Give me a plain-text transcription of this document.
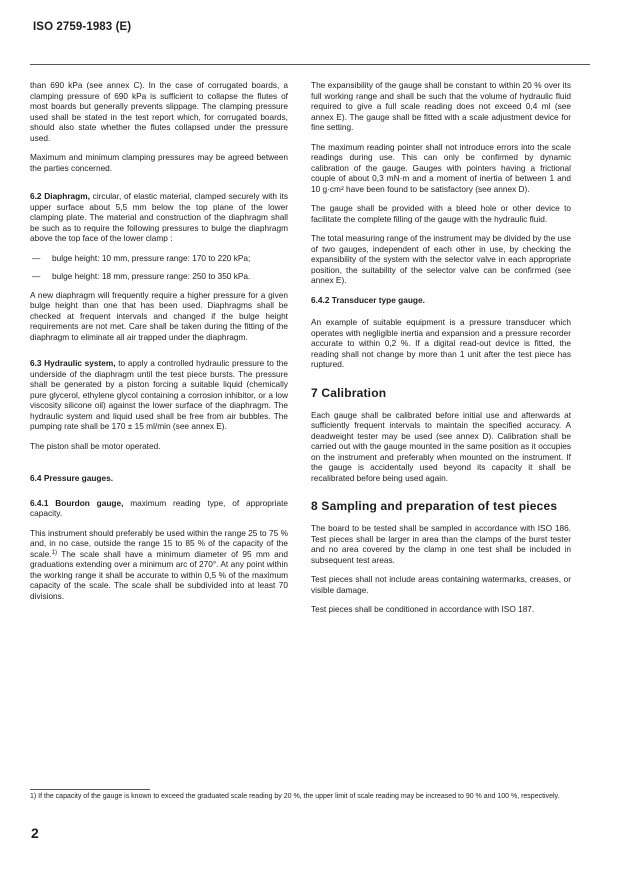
ISO 2759-1983 (E)

than 690 kPa (see annex C). In the case of corrugated boards, a clamping pressure of 690 kPa is sufficient to collapse the flutes of most boards but generally prevents slippage. The clamping pressure used shall be stated in the test report which, for corrugated boards, should also state whether the flutes collapsed under the pressure used.

Maximum and minimum clamping pressures may be agreed between the parties concerned.

6.2 Diaphragm, circular, of elastic material, clamped securely with its upper surface about 5,5 mm below the top plane of the lower clamping plate. The material and construction of the diaphragm shall be such as to require the following pressures to bulge the diaphragm above the top face of the lower clamp :

—	bulge height: 10 mm, pressure range: 170 to 220 kPa;
—	bulge height: 18 mm, pressure range: 250 to 350 kPa.

A new diaphragm will frequently require a higher pressure for a given bulge height than one that has been used. Diaphragms shall be checked at frequent intervals and changed if the bulge height requirements are not met. Care shall be taken during the fitting of the diaphragm to eliminate all air trapped under the diaphragm.

6.3 Hydraulic system, to apply a controlled hydraulic pressure to the underside of the diaphragm until the test piece bursts. The pressure shall be generated by a piston forcing a suitable liquid (chemically pure glycerol, ethylene glycol containing a corrosion inhibitor, or a low viscosity silicone oil) against the lower surface of the diaphragm. The hydraulic system and liquid used shall be free from air bubbles. The pumping rate shall be 170 ± 15 ml/min (see annex E).

The piston shall be motor operated.

6.4 Pressure gauges.

6.4.1 Bourdon gauge, maximum reading type, of appropriate capacity.

This instrument should preferably be used within the range 25 to 75 % and, in no case, outside the range 15 to 85 % of the capacity of the scale.$^{1)}$ The scale shall have a minimum diameter of 95 mm and graduations extending over a minimum arc of 270°. At any point within the working range it shall be accurate to within 0,5 % of the maximum capacity of the scale. The scale shall be subdivided into at least 70 divisions.

The expansibility of the gauge shall be constant to within 20 % over its full working range and shall be such that the volume of hydraulic fluid required to give a full scale reading does not exceed 0,4 ml (see annex E). The gauge shall be fitted with a scale adjustment device for fine setting.

The maximum reading pointer shall not introduce errors into the scale readings during use. This can only be confirmed by dynamic calibration of the gauge. Gauges with pointers having a frictional couple of about 0,3 mN·m and a moment of inertia of between 1 and 10 g·cm² have been found to be satisfactory (see annex D).

The gauge shall be provided with a bleed hole or other device to facilitate the complete filling of the gauge with the hydraulic fluid.

The total measuring range of the instrument may be divided by the use of two gauges, independent of each other in use, by checking the expansibility of the system with the selector valve in each appropriate position, the suitability of the selector valve can be confirmed (see annex E).

6.4.2 Transducer type gauge.

An example of suitable equipment is a pressure transducer which operates with negligible inertia and expansion and a pressure recorder accurate to within 0,2 %. If a digital read-out device is fitted, the reading shall not change by more than 1 unit after the test piece has ruptured.

7 Calibration

Each gauge shall be calibrated before initial use and afterwards at sufficiently frequent intervals to maintain the specified accuracy. A deadweight tester may be used (see annex D). Calibration shall be carried out with the gauge mounted in the same position as it occupies on the instrument and preferably when mounted on the instrument. If the gauge is accidentally used beyond its capacity it shall be recalibrated before being used again.

8 Sampling and preparation of test pieces

The board to be tested shall be sampled in accordance with ISO 186. Test pieces shall be larger in area than the clamps of the burst tester and no area covered by the clamp in one test shall be included in subsequent test areas.

Test pieces shall not include areas containing watermarks, creases, or visible damage.

Test pieces shall be conditioned in accordance with ISO 187.

1) If the capacity of the gauge is known to exceed the graduated scale reading by 20 %, the upper limit of scale reading may be increased to 90 % and 100 %, respectively.
2
